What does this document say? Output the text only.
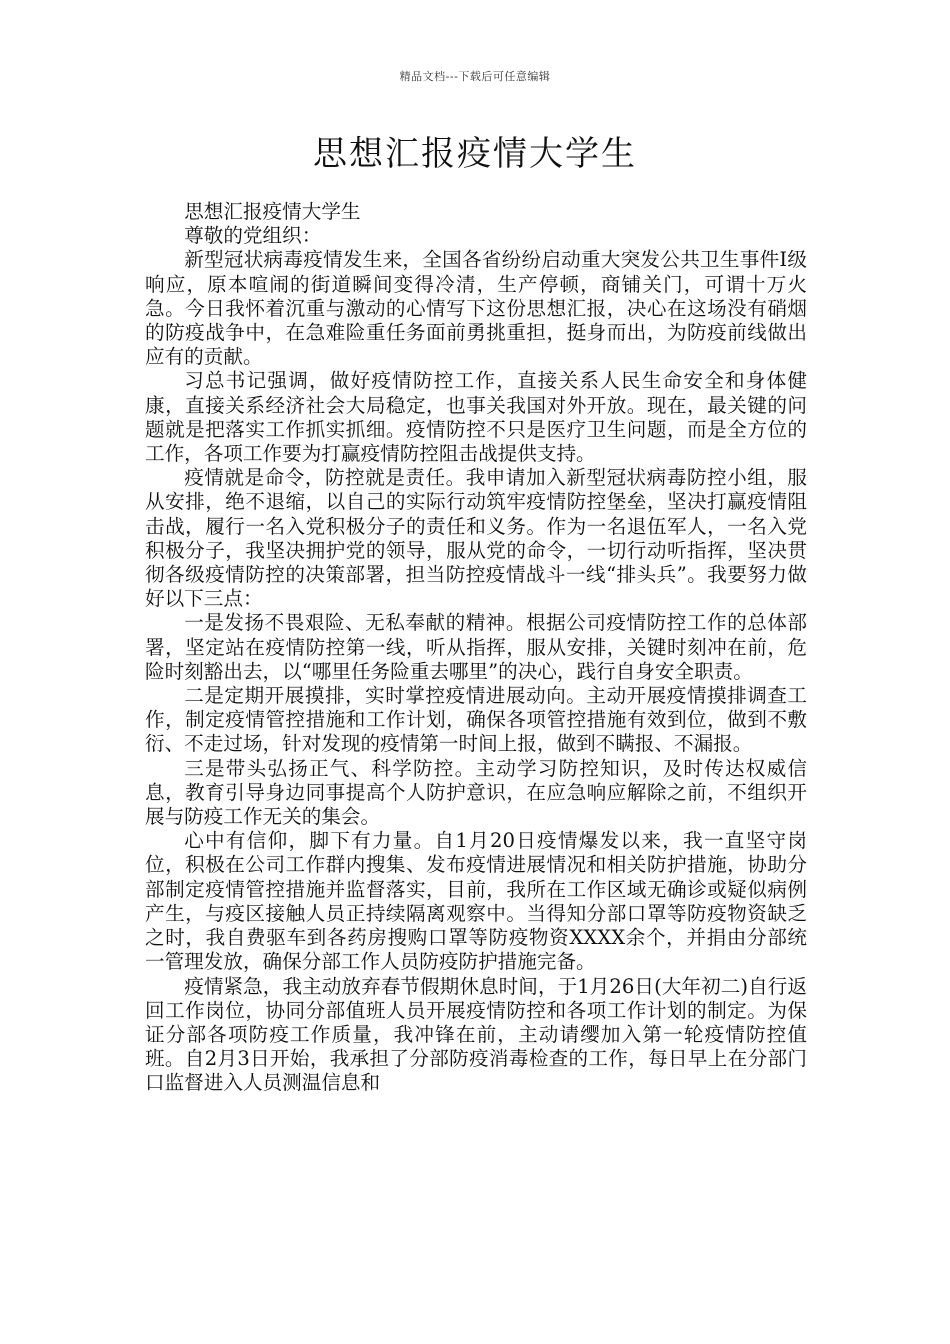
精品文档---下载后可任意编辑
思想汇报疫情大学生

思想汇报疫情大学生

尊敬的党组织：

新型冠状病毒疫情发生来，全国各省纷纷启动重大突发公共卫生事件Ⅰ级响应，原本喧闹的街道瞬间变得冷清，生产停顿，商铺关门，可谓十万火急。今日我怀着沉重与激动的心情写下这份思想汇报，决心在这场没有硝烟的防疫战争中，在急难险重任务面前勇挑重担，挺身而出，为防疫前线做出应有的贡献。

习总书记强调，做好疫情防控工作，直接关系人民生命安全和身体健康，直接关系经济社会大局稳定，也事关我国对外开放。现在，最关键的问题就是把落实工作抓实抓细。疫情防控不只是医疗卫生问题，而是全方位的工作，各项工作要为打赢疫情防控阻击战提供支持。

疫情就是命令，防控就是责任。我申请加入新型冠状病毒防控小组，服从安排，绝不退缩，以自己的实际行动筑牢疫情防控堡垒，坚决打赢疫情阻击战，履行一名入党积极分子的责任和义务。作为一名退伍军人，一名入党积极分子，我坚决拥护党的领导，服从党的命令，一切行动听指挥，坚决贯彻各级疫情防控的决策部署，担当防控疫情战斗一线“排头兵”。我要努力做好以下三点：

一是发扬不畏艰险、无私奉献的精神。根据公司疫情防控工作的总体部署，坚定站在疫情防控第一线，听从指挥，服从安排，关键时刻冲在前，危险时刻豁出去，以“哪里任务险重去哪里”的决心，践行自身安全职责。

二是定期开展摸排，实时掌控疫情进展动向。主动开展疫情摸排调查工作，制定疫情管控措施和工作计划，确保各项管控措施有效到位，做到不敷衍、不走过场，针对发现的疫情第一时间上报，做到不瞒报、不漏报。

三是带头弘扬正气、科学防控。主动学习防控知识，及时传达权威信息，教育引导身边同事提高个人防护意识，在应急响应解除之前，不组织开展与防疫工作无关的集会。

心中有信仰，脚下有力量。自1月20日疫情爆发以来，我一直坚守岗位，积极在公司工作群内搜集、发布疫情进展情况和相关防护措施，协助分部制定疫情管控措施并监督落实，目前，我所在工作区域无确诊或疑似病例产生，与疫区接触人员正持续隔离观察中。当得知分部口罩等防疫物资缺乏之时，我自费驱车到各药房搜购口罩等防疫物资XXXX余个，并捐由分部统一管理发放，确保分部工作人员防疫防护措施完备。

疫情紧急，我主动放弃春节假期休息时间，于1月26日(大年初二)自行返回工作岗位，协同分部值班人员开展疫情防控和各项工作计划的制定。为保证分部各项防疫工作质量，我冲锋在前，主动请缨加入第一轮疫情防控值班。自2月3日开始，我承担了分部防疫消毒检查的工作，每日早上在分部门口监督进入人员测温信息和
